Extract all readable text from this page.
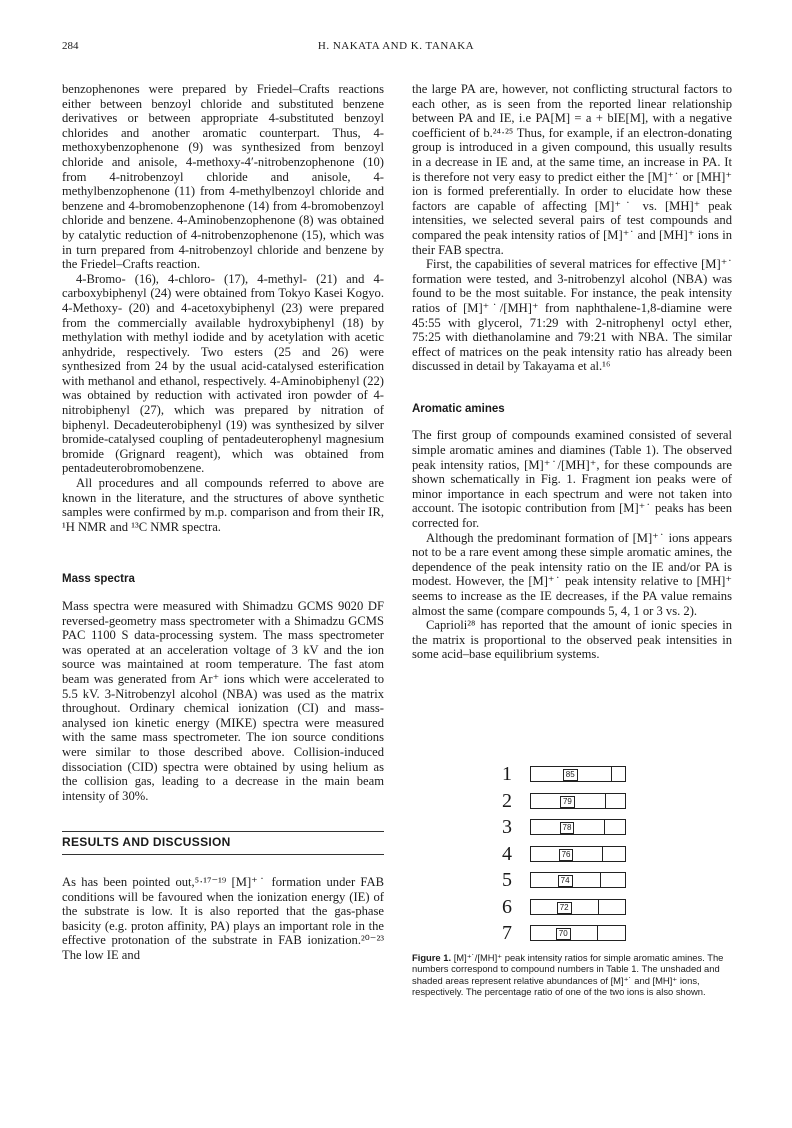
284	H. NAKATA AND K. TANAKA

benzophenones were prepared by Friedel–Crafts reactions either between benzoyl chloride and substituted benzene derivatives or between appropriate 4-substituted benzoyl chlorides and another aromatic counterpart. Thus, 4-methoxybenzophenone (9) was synthesized from benzoyl chloride and anisole, 4-methoxy-4′-nitrobenzophenone (10) from 4-nitrobenzoyl chloride and anisole, 4-methylbenzophenone (11) from 4-methylbenzoyl chloride and benzene and 4-bromobenzophenone (14) from 4-bromobenzoyl chloride and benzene. 4-Aminobenzophenone (8) was obtained by catalytic reduction of 4-nitrobenzophenone (15), which was in turn prepared from 4-nitrobenzoyl chloride and benzene by the Friedel–Crafts reaction.

4-Bromo- (16), 4-chloro- (17), 4-methyl- (21) and 4-carboxybiphenyl (24) were obtained from Tokyo Kasei Kogyo. 4-Methoxy- (20) and 4-acetoxybiphenyl (23) were prepared from the commercially available hydroxybiphenyl (18) by methylation with methyl iodide and by acetylation with acetic anhydride, respectively. Two esters (25 and 26) were synthesized from 24 by the usual acid-catalysed esterification with methanol and ethanol, respectively. 4-Aminobiphenyl (22) was obtained by reduction with activated iron powder of 4-nitrobiphenyl (27), which was prepared by nitration of biphenyl. Decadeuterobiphenyl (19) was synthesized by silver bromide-catalysed coupling of pentadeuterophenyl magnesium bromide (Grignard reagent), which was obtained from pentadeuterobromobenzene.

All procedures and all compounds referred to above are known in the literature, and the structures of above synthetic samples were confirmed by m.p. comparison and from their IR, ¹H NMR and ¹³C NMR spectra.

Mass spectra

Mass spectra were measured with Shimadzu GCMS 9020 DF reversed-geometry mass spectrometer with a Shimadzu GCMS PAC 1100 S data-processing system. The mass spectrometer was operated at an acceleration voltage of 3 kV and the ion source was maintained at room temperature. The fast atom beam was generated from Ar⁺ ions which were accelerated to 5.5 kV. 3-Nitrobenzyl alcohol (NBA) was used as the matrix throughout. Ordinary chemical ionization (CI) and mass-analysed ion kinetic energy (MIKE) spectra were measured with the same mass spectrometer. The ion source conditions were similar to those described above. Collision-induced dissociation (CID) spectra were obtained by using helium as the collision gas, leading to a decrease in the main beam intensity of 30%.

RESULTS AND DISCUSSION

As has been pointed out,⁵·¹⁷⁻¹⁹ [M]⁺˙ formation under FAB conditions will be favoured when the ionization energy (IE) of the substrate is low. It is also reported that the gas-phase basicity (e.g. proton affinity, PA) plays an important role in the effective protonation of the substrate in FAB ionization.²⁰⁻²³ The low IE and

the large PA are, however, not conflicting structural factors to each other, as is seen from the reported linear relationship between PA and IE, i.e PA[M] = a + bIE[M], with a negative coefficient of b.²⁴·²⁵ Thus, for example, if an electron-donating group is introduced in a given compound, this usually results in a decrease in IE and, at the same time, an increase in PA. It is therefore not very easy to predict either the [M]⁺˙ or [MH]⁺ ion is formed preferentially. In order to elucidate how these factors are capable of affecting [M]⁺˙ vs. [MH]⁺ peak intensities, we selected several pairs of test compounds and compared the peak intensity ratios of [M]⁺˙ and [MH]⁺ ions in their FAB spectra.

First, the capabilities of several matrices for effective [M]⁺˙ formation were tested, and 3-nitrobenzyl alcohol (NBA) was found to be the most suitable. For instance, the peak intensity ratios of [M]⁺˙/[MH]⁺ from naphthalene-1,8-diamine were 45:55 with glycerol, 71:29 with 2-nitrophenyl octyl ether, 75:25 with diethanolamine and 79:21 with NBA. The similar effect of matrices on the peak intensity ratio has already been discussed in detail by Takayama et al.¹⁶

Aromatic amines

The first group of compounds examined consisted of several simple aromatic amines and diamines (Table 1). The observed peak intensity ratios, [M]⁺˙/[MH]⁺, for these compounds are shown schematically in Fig. 1. Fragment ion peaks were of minor importance in each spectrum and were not taken into account. The isotopic contribution from [M]⁺˙ peaks has been corrected for.

Although the predominant formation of [M]⁺˙ ions appears not to be a rare event among these simple aromatic amines, the dependence of the peak intensity ratio on the IE and/or PA is modest. However, the [M]⁺˙ peak intensity relative to [MH]⁺ seems to increase as the IE decreases, if the PA value remains almost the same (compare compounds 5, 4, 1 or 3 vs. 2).

Caprioli²⁸ has reported that the amount of ionic species in the matrix is proportional to the observed peak intensities in some acid–base equilibrium systems.

1	85
2	79
3	78
4	76
5	74
6	72
7	70
Figure 1. [M]⁺˙/[MH]⁺ peak intensity ratios for simple aromatic amines. The numbers correspond to compound numbers in Table 1. The unshaded and shaded areas represent relative abundances of [M]⁺˙ and [MH]⁺ ions, respectively. The percentage ratio of one of the two ions is also shown.
